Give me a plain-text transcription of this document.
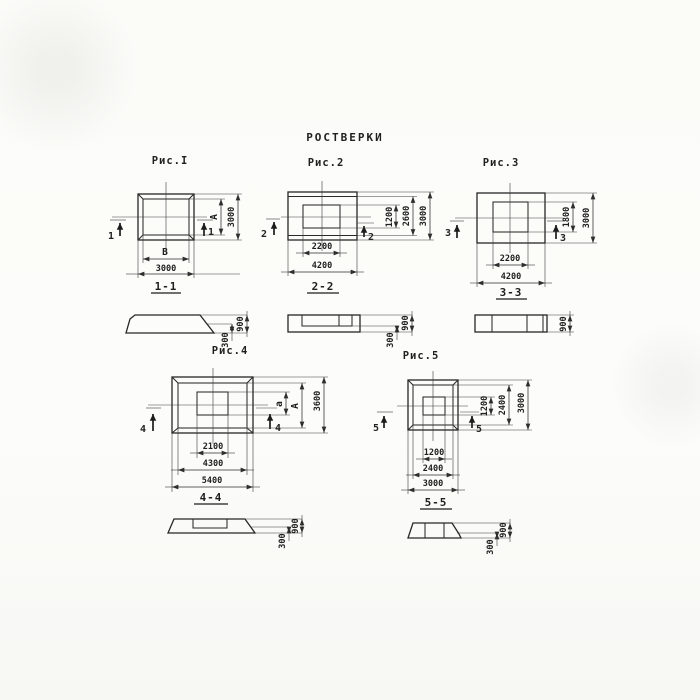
РОСТВЕРКИ
Рис.I
1	1
А 3000
В
3000
1-1
300
900
Рис.2
2	2
1200 2600 3000
2200
4200
2-2
300
900
Рис.3
3	3
1800 3000
2200
4200
3-3
900
Рис.4
4	4
а А 3600
2100
4300
5400
4-4
300
900
Рис.5
5	5
1200 2400 3000
1200
2400
3000
5-5
300
900
